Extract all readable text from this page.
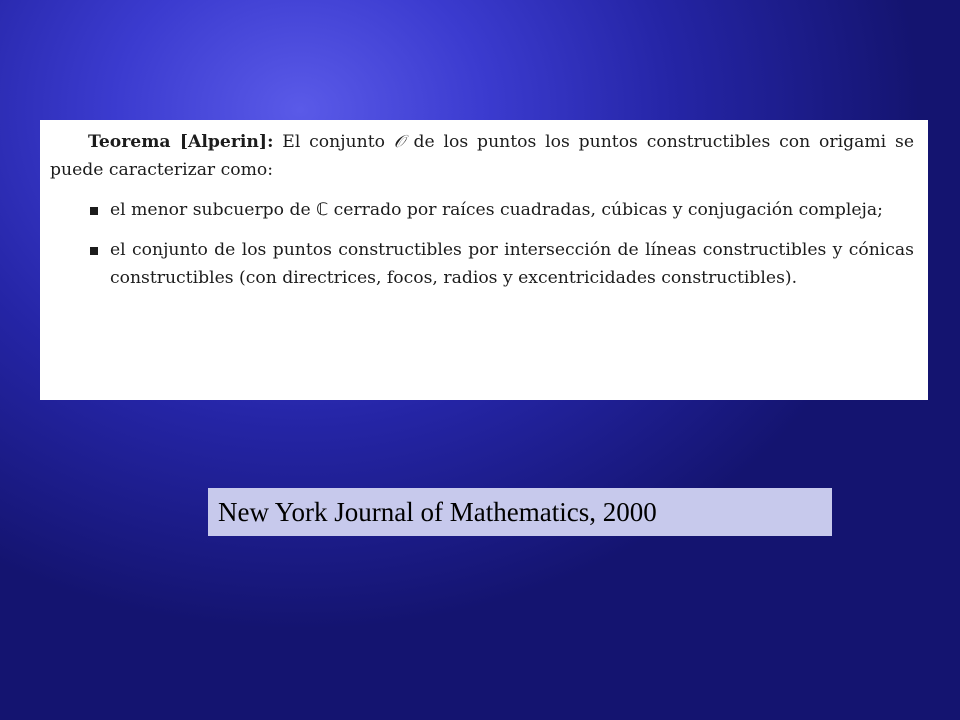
Teorema [Alperin]: El conjunto 𝒪 de los puntos los puntos constructibles con origami se puede caracterizar como:

el menor subcuerpo de ℂ cerrado por raíces cuadradas, cúbicas y conjugación compleja;
el conjunto de los puntos constructibles por intersección de líneas constructibles y cónicas constructibles (con directrices, focos, radios y excentricidades constructibles).
New York Journal of Mathematics, 2000
